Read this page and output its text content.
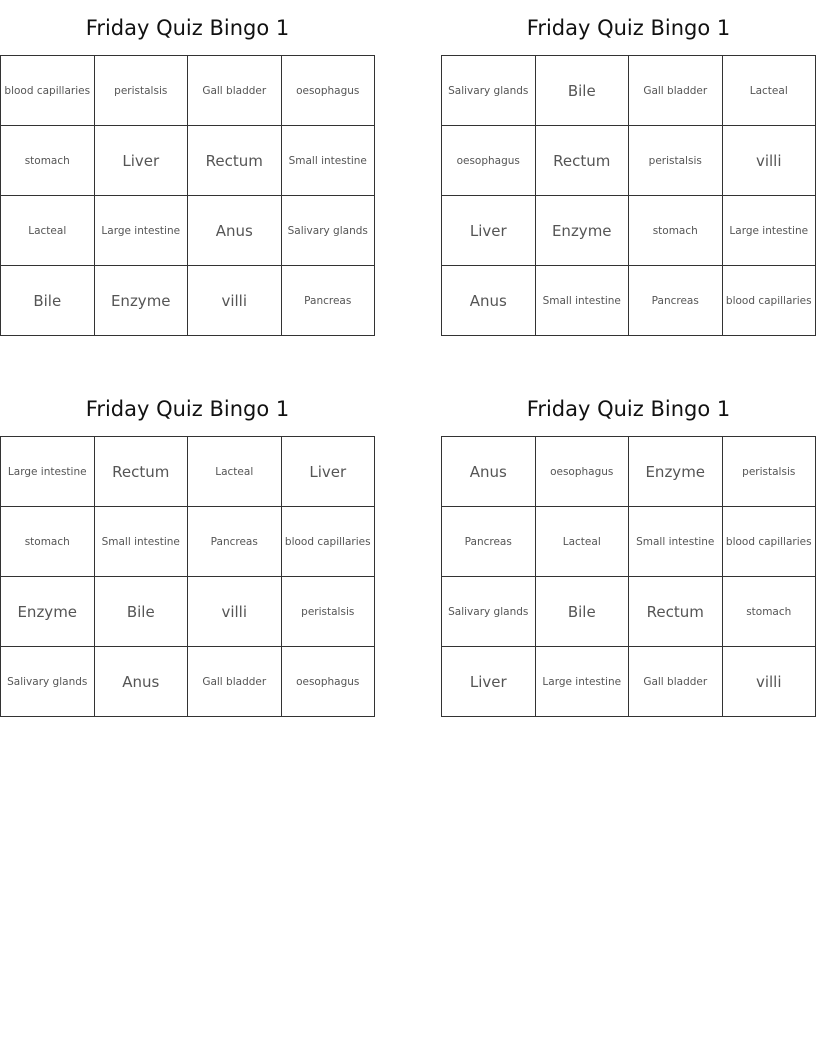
Friday Quiz Bingo 1
blood capillaries	peristalsis	Gall bladder	oesophagus
stomach	Liver	Rectum	Small intestine
Lacteal	Large intestine	Anus	Salivary glands
Bile	Enzyme	villi	Pancreas
Friday Quiz Bingo 1
Salivary glands	Bile	Gall bladder	Lacteal
oesophagus	Rectum	peristalsis	villi
Liver	Enzyme	stomach	Large intestine
Anus	Small intestine	Pancreas	blood capillaries
Friday Quiz Bingo 1
Large intestine	Rectum	Lacteal	Liver
stomach	Small intestine	Pancreas	blood capillaries
Enzyme	Bile	villi	peristalsis
Salivary glands	Anus	Gall bladder	oesophagus
Friday Quiz Bingo 1
Anus	oesophagus	Enzyme	peristalsis
Pancreas	Lacteal	Small intestine	blood capillaries
Salivary glands	Bile	Rectum	stomach
Liver	Large intestine	Gall bladder	villi
